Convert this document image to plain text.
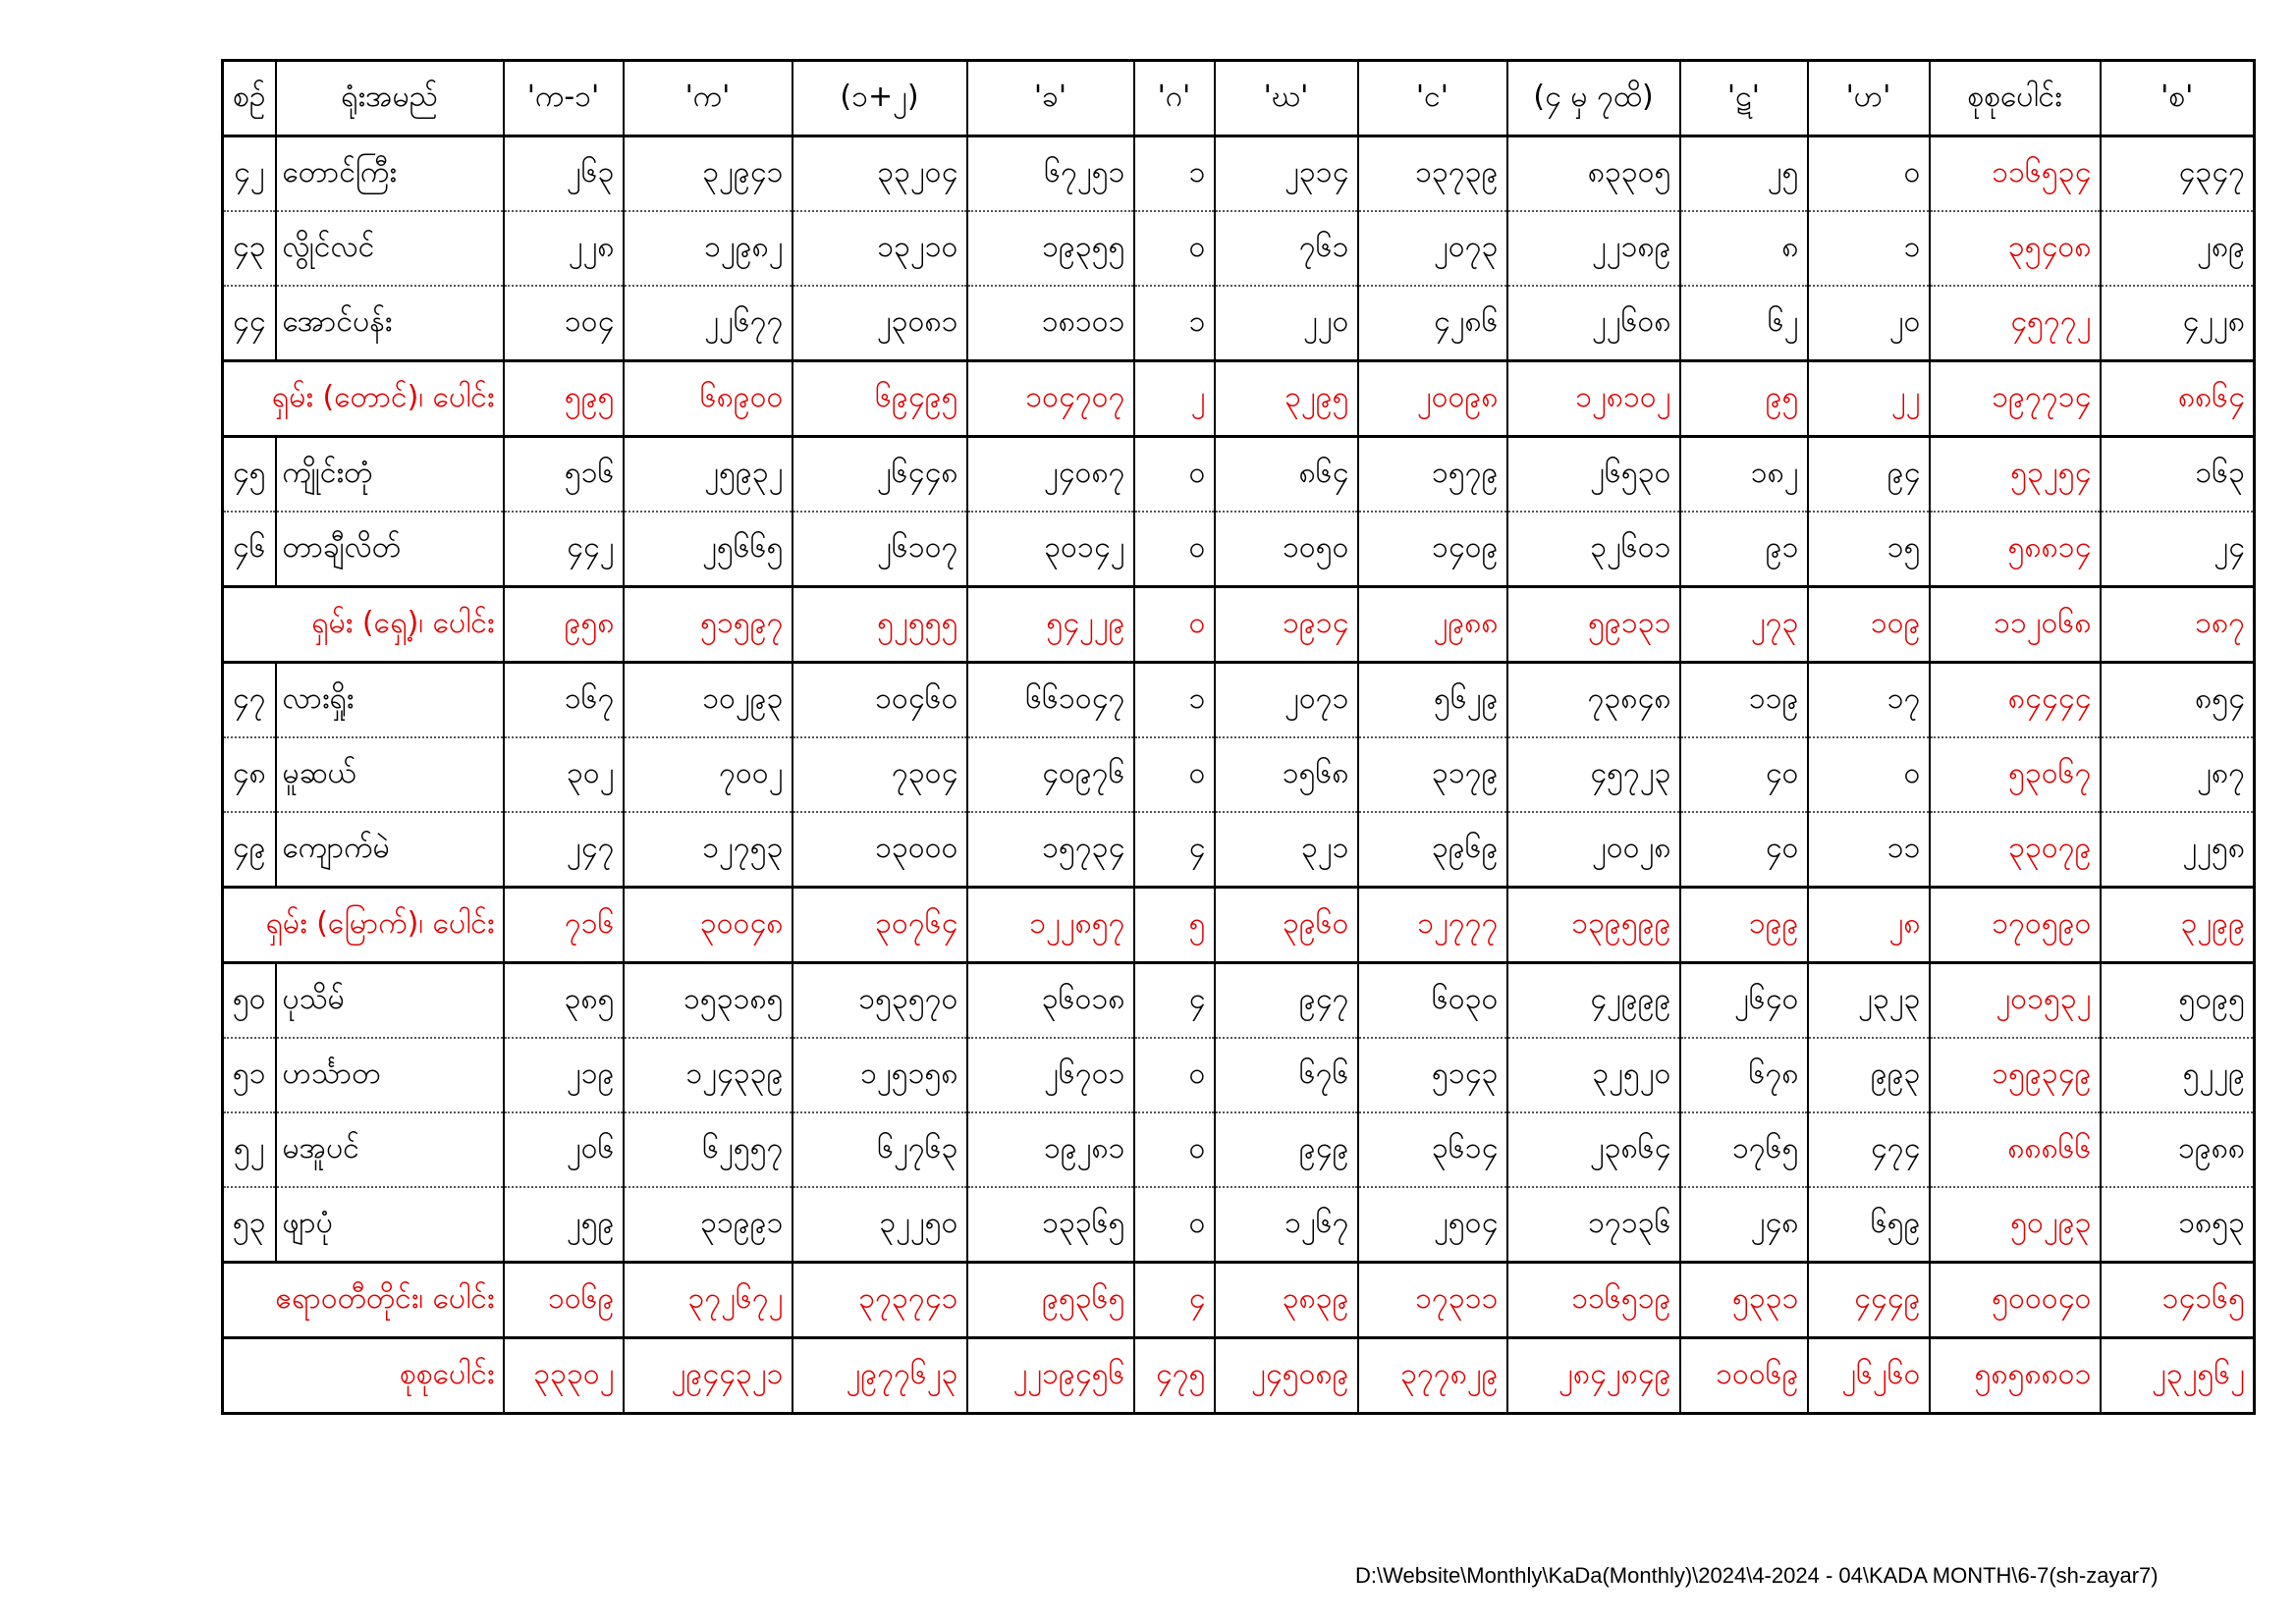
စဉ်	ရုံးအမည်	'က-၁'	'က'	(၁+၂)	'ခ'	'ဂ'	'ဃ'	'င'	(၄ မှ ၇ထိ)	'ဋ'	'ဟ'	စုစုပေါင်း	'စ'
၄၂	တောင်ကြီး	၂၆၃	၃၂၉၄၁	၃၃၂၀၄	၆၇၂၅၁	၁	၂၃၁၄	၁၃၇၃၉	၈၃၃၀၅	၂၅	၀	၁၁၆၅၃၄	၄၃၄၇
၄၃	လွိုင်လင်	၂၂၈	၁၂၉၈၂	၁၃၂၁၀	၁၉၃၅၅	၀	၇၆၁	၂၀၇၃	၂၂၁၈၉	၈	၁	၃၅၄၀၈	၂၈၉
၄၄	အောင်ပန်း	၁၀၄	၂၂၆၇၇	၂၃၀၈၁	၁၈၁၀၁	၁	၂၂၀	၄၂၈၆	၂၂၆၀၈	၆၂	၂၀	၄၅၇၇၂	၄၂၂၈
ရှမ်း (တောင်)၊ ပေါင်း		၅၉၅	၆၈၉၀၀	၆၉၄၉၅	၁၀၄၇၀၇	၂	၃၂၉၅	၂၀၀၉၈	၁၂၈၁၀၂	၉၅	၂၂	၁၉၇၇၁၄	၈၈၆၄
၄၅	ကျိုင်းတုံ	၅၁၆	၂၅၉၃၂	၂၆၄၄၈	၂၄၀၈၇	၀	၈၆၄	၁၅၇၉	၂၆၅၃၀	၁၈၂	၉၄	၅၃၂၅၄	၁၆၃
၄၆	တာချီလိတ်	၄၄၂	၂၅၆၆၅	၂၆၁၀၇	၃၀၁၄၂	၀	၁၀၅၀	၁၄၀၉	၃၂၆၀၁	၉၁	၁၅	၅၈၈၁၄	၂၄
ရှမ်း (ရှေ့)၊ ပေါင်း		၉၅၈	၅၁၅၉၇	၅၂၅၅၅	၅၄၂၂၉	၀	၁၉၁၄	၂၉၈၈	၅၉၁၃၁	၂၇၃	၁၀၉	၁၁၂၀၆၈	၁၈၇
၄၇	လားရှိုး	၁၆၇	၁၀၂၉၃	၁၀၄၆၀	၆၆၁၀၄၇	၁	၂၀၇၁	၅၆၂၉	၇၃၈၄၈	၁၁၉	၁၇	၈၄၄၄၄	၈၅၄
၄၈	မူဆယ်	၃၀၂	၇၀၀၂	၇၃၀၄	၄၀၉၇၆	၀	၁၅၆၈	၃၁၇၉	၄၅၇၂၃	၄၀	၀	၅၃၀၆၇	၂၈၇
၄၉	ကျောက်မဲ	၂၄၇	၁၂၇၅၃	၁၃၀၀၀	၁၅၇၃၄	၄	၃၂၁	၃၉၆၉	၂၀၀၂၈	၄၀	၁၁	၃၃၀၇၉	၂၂၅၈
ရှမ်း (မြောက်)၊ ပေါင်း		၇၁၆	၃၀၀၄၈	၃၀၇၆၄	၁၂၂၈၅၇	၅	၃၉၆၀	၁၂၇၇၇	၁၃၉၅၉၉	၁၉၉	၂၈	၁၇၀၅၉၀	၃၂၉၉
၅၀	ပုသိမ်	၃၈၅	၁၅၃၁၈၅	၁၅၃၅၇၀	၃၆၀၁၈	၄	၉၄၇	၆၀၃၀	၄၂၉၉၉	၂၆၄၀	၂၃၂၃	၂၀၁၅၃၂	၅၀၉၅
၅၁	ဟင်္သာတ	၂၁၉	၁၂၄၃၃၉	၁၂၅၁၅၈	၂၆၇၀၁	၀	၆၇၆	၅၁၄၃	၃၂၅၂၀	၆၇၈	၉၉၃	၁၅၉၃၄၉	၅၂၂၉
၅၂	မအူပင်	၂၀၆	၆၂၅၅၇	၆၂၇၆၃	၁၉၂၈၁	၀	၉၄၉	၃၆၁၄	၂၃၈၆၄	၁၇၆၅	၄၇၄	၈၈၈၆၆	၁၉၈၈
၅၃	ဖျာပုံ	၂၅၉	၃၁၉၉၁	၃၂၂၅၀	၁၃၃၆၅	၀	၁၂၆၇	၂၅၀၄	၁၇၁၃၆	၂၄၈	၆၅၉	၅၀၂၉၃	၁၈၅၃
ဧရာဝတီတိုင်း၊ ပေါင်း		၁၀၆၉	၃၇၂၆၇၂	၃၇၃၇၄၁	၉၅၃၆၅	၄	၃၈၃၉	၁၇၃၁၁	၁၁၆၅၁၉	၅၃၃၁	၄၄၄၉	၅၀၀၀၄၀	၁၄၁၆၅
စုစုပေါင်း		၃၃၃၀၂	၂၉၄၄၃၂၁	၂၉၇၇၆၂၃	၂၂၁၉၄၅၆	၄၇၅	၂၄၅၀၈၉	၃၇၇၈၂၉	၂၈၄၂၈၄၉	၁၀၀၆၉	၂၆၂၆၀	၅၈၅၈၈၀၁	၂၃၂၅၆၂
D:\Website\Monthly\KaDa(Monthly)\2024\4-2024 - 04\KADA MONTH\6-7(sh-zayar7)
